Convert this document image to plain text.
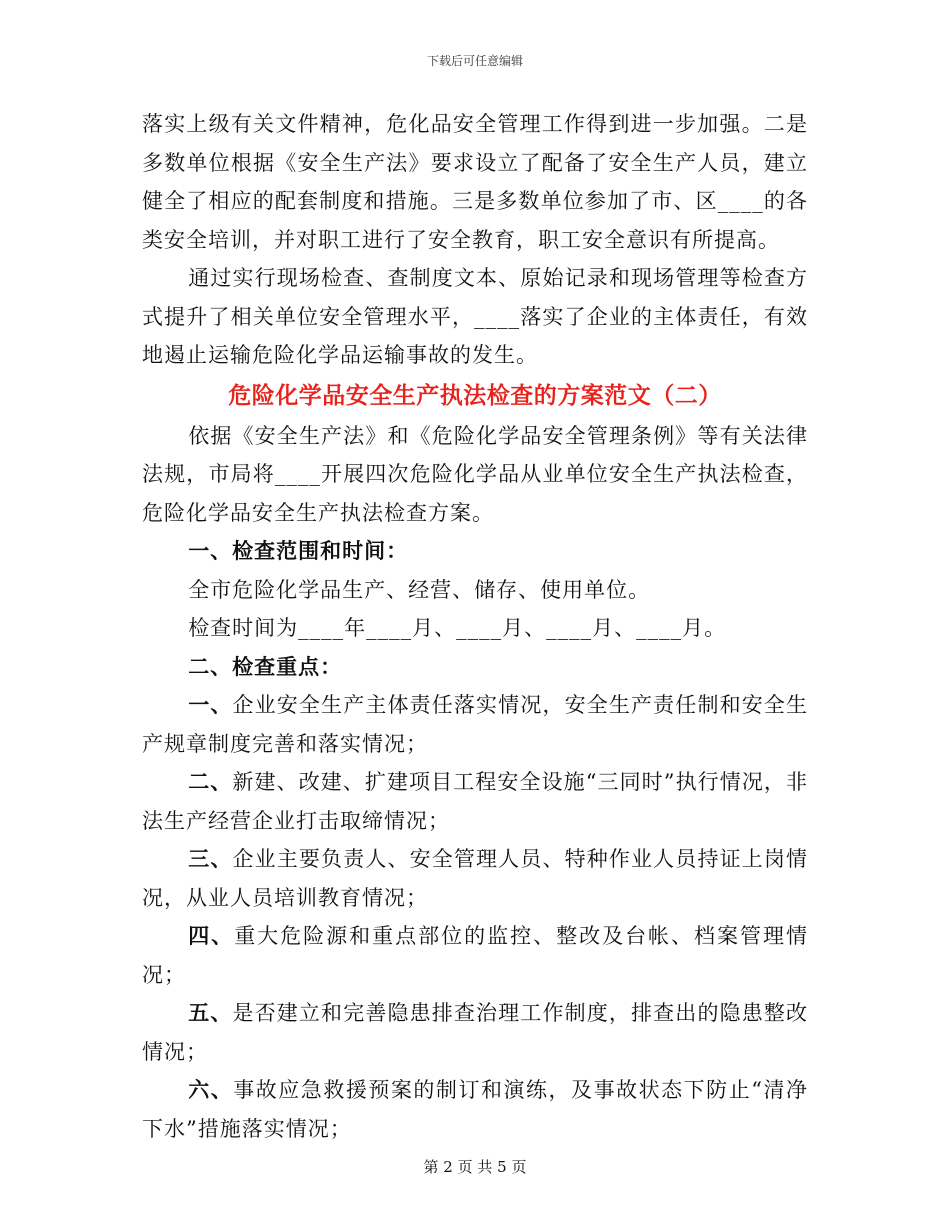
下载后可任意编辑

落实上级有关文件精神，危化品安全管理工作得到进一步加强。二是多数单位根据《安全生产法》要求设立了配备了安全生产人员，建立健全了相应的配套制度和措施。三是多数单位参加了市、区____的各类安全培训，并对职工进行了安全教育，职工安全意识有所提高。

通过实行现场检查、查制度文本、原始记录和现场管理等检查方式提升了相关单位安全管理水平，____落实了企业的主体责任，有效地遏止运输危险化学品运输事故的发生。

危险化学品安全生产执法检查的方案范文（二）

依据《安全生产法》和《危险化学品安全管理条例》等有关法律法规，市局将____开展四次危险化学品从业单位安全生产执法检查，危险化学品安全生产执法检查方案。

一、检查范围和时间：

全市危险化学品生产、经营、储存、使用单位。

检查时间为____年____月、____月、____月、____月。

二、检查重点：

一、企业安全生产主体责任落实情况，安全生产责任制和安全生产规章制度完善和落实情况；

二、新建、改建、扩建项目工程安全设施“三同时”执行情况，非法生产经营企业打击取缔情况；

三、企业主要负责人、安全管理人员、特种作业人员持证上岗情况，从业人员培训教育情况；

四、重大危险源和重点部位的监控、整改及台帐、档案管理情况；

五、是否建立和完善隐患排查治理工作制度，排查出的隐患整改情况；

六、事故应急救援预案的制订和演练，及事故状态下防止“清净下水”措施落实情况；

第 2 页 共 5 页
